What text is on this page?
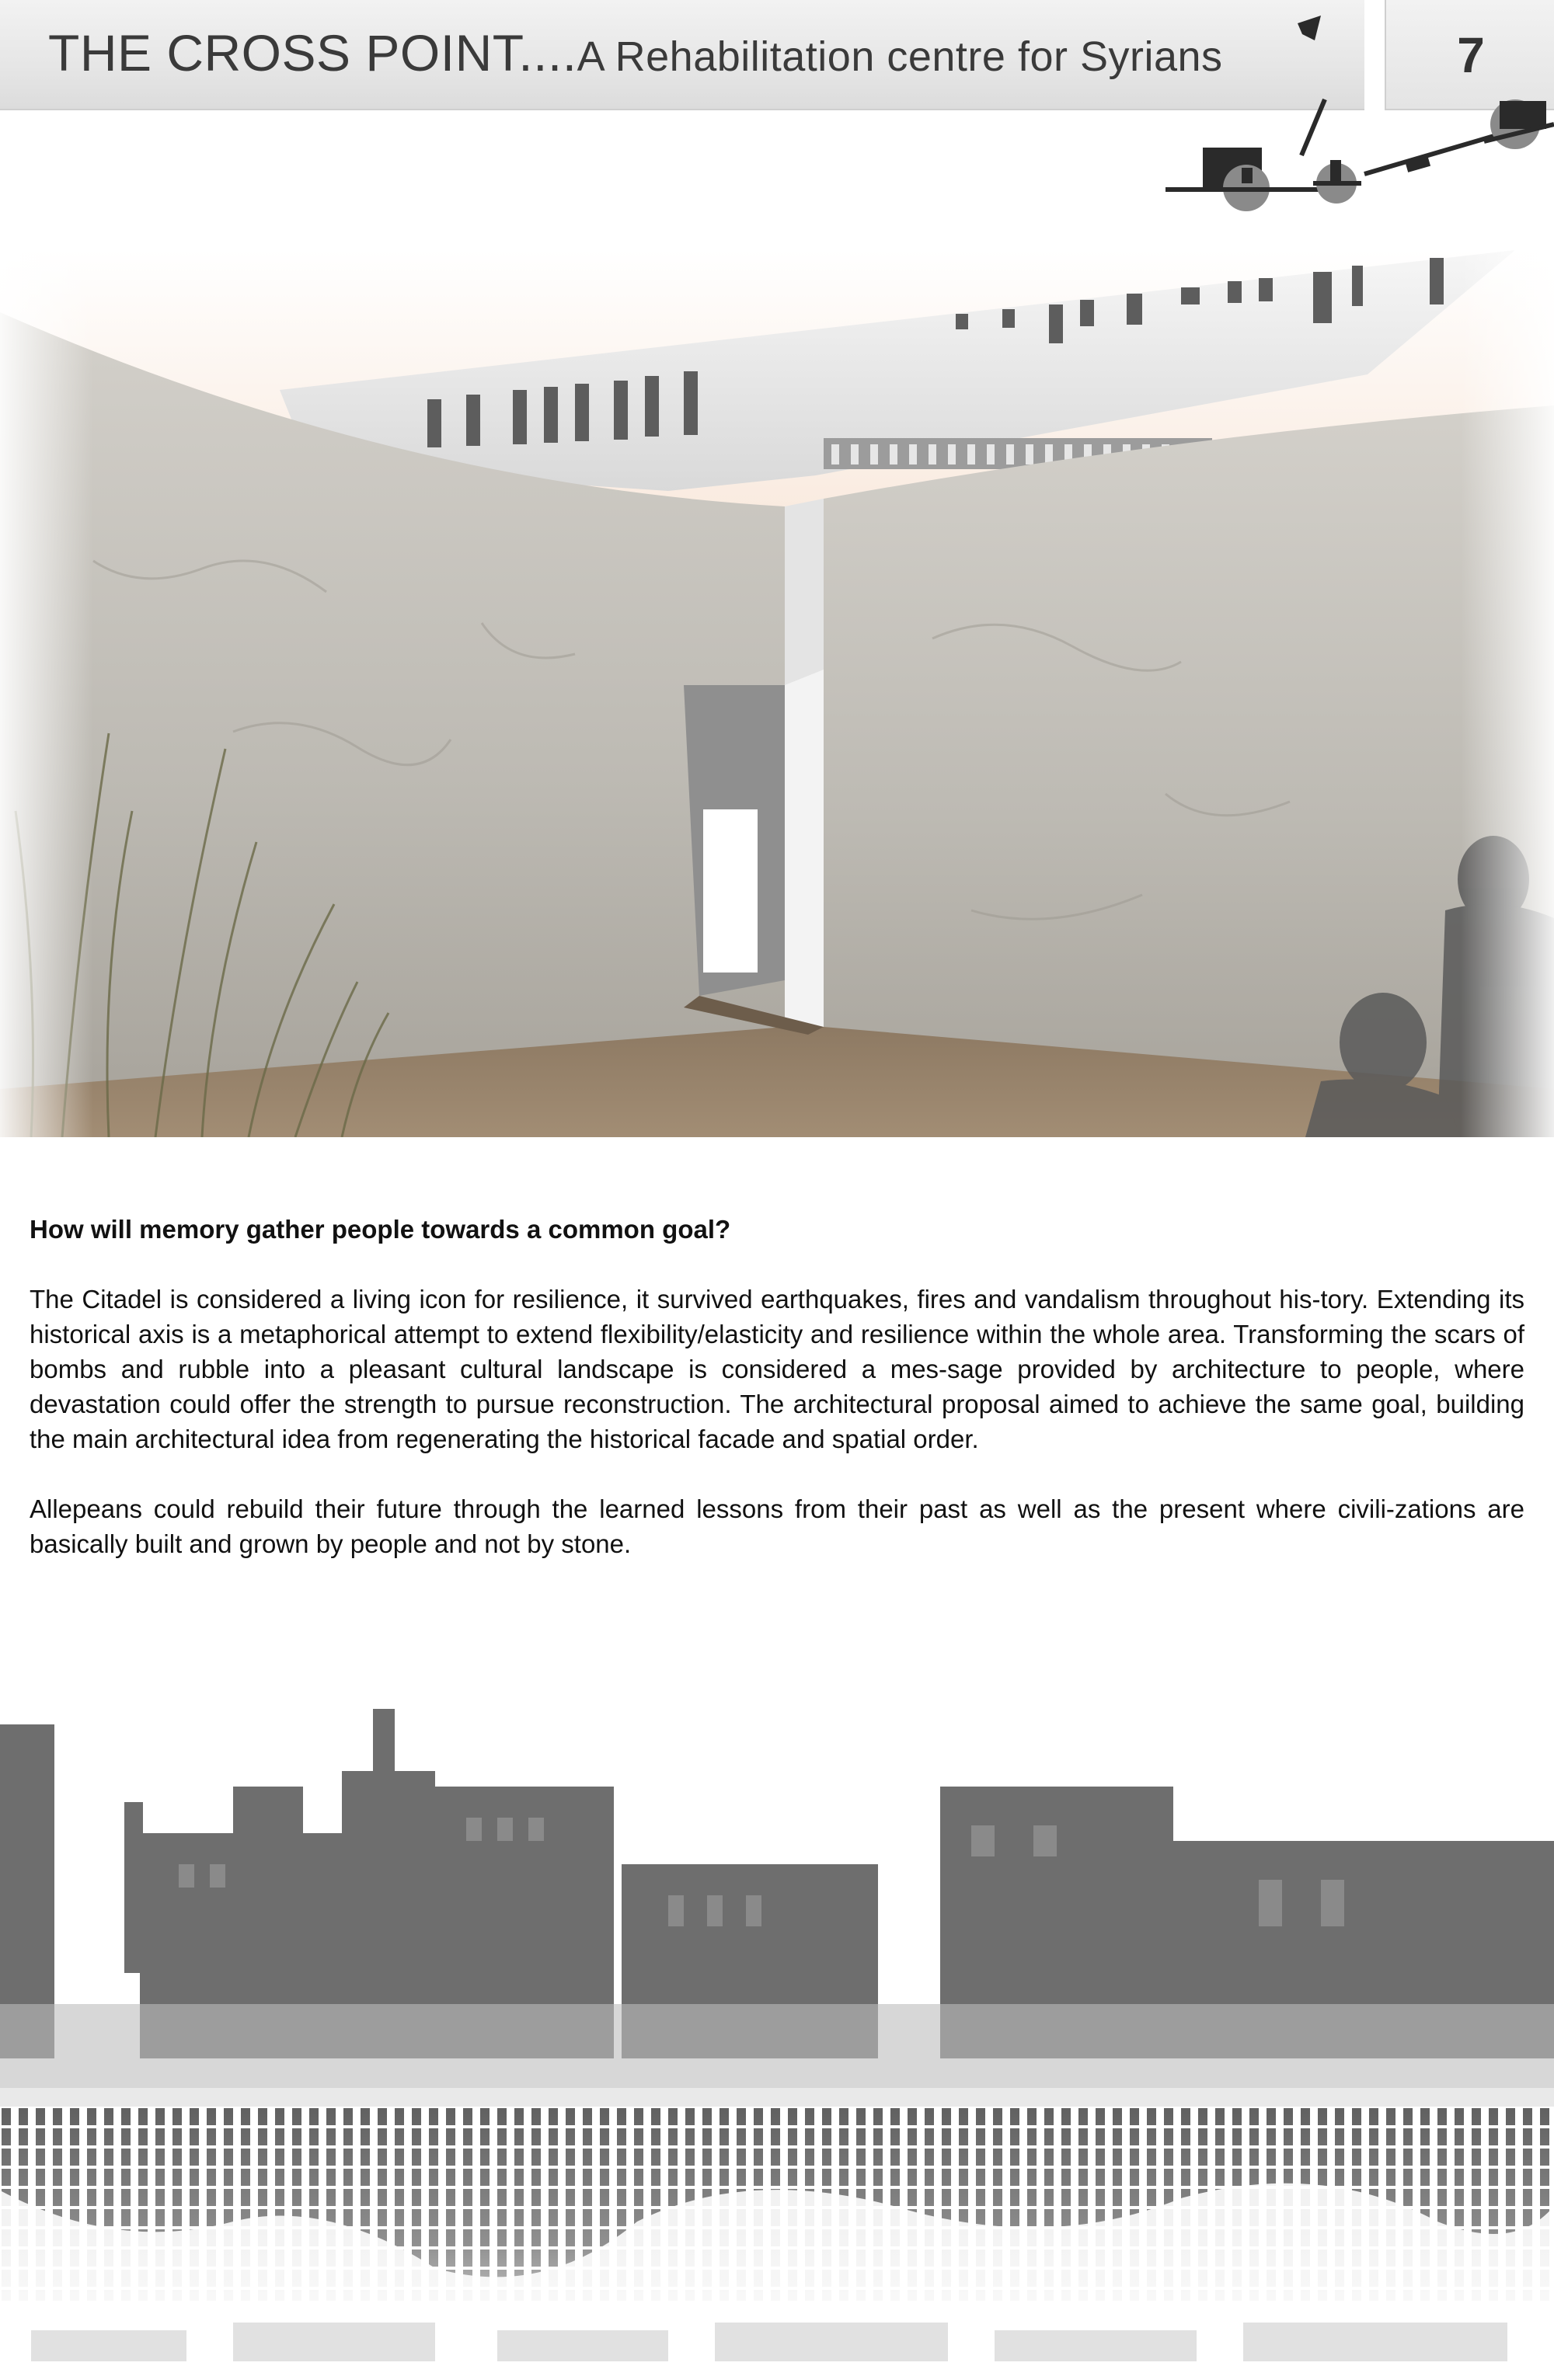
THE CROSS POINT....A Rehabilitation centre for Syrians	7

How will memory gather people towards a common goal?

The Citadel is considered a living icon for resilience, it survived earthquakes, fires and vandalism throughout his-tory. Extending its historical axis is a metaphorical attempt to extend flexibility/elasticity and resilience within the whole area. Transforming the scars of bombs and rubble into a pleasant cultural landscape is considered a mes-sage provided by architecture to people, where devastation could offer the strength to pursue reconstruction. The architectural proposal aimed to achieve the same goal, building the main architectural idea from regenerating the historical facade and spatial order.

Allepeans could rebuild their future through the learned lessons from their past as well as the present where civili-zations are basically built and grown by people and not by stone.
